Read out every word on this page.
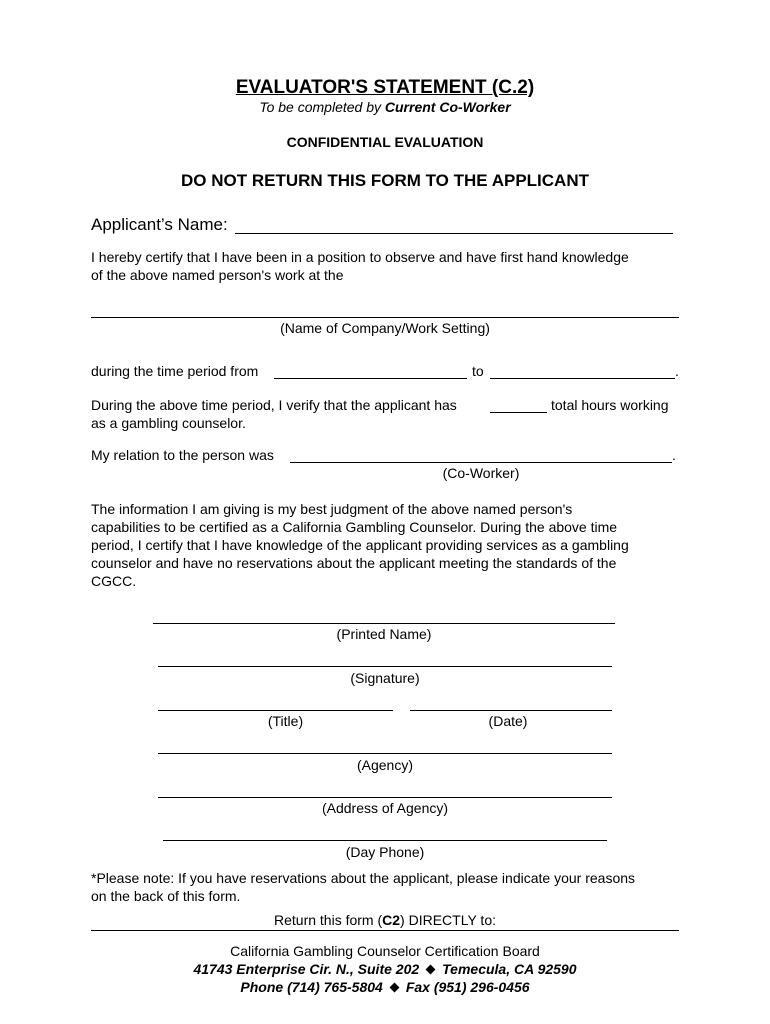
EVALUATOR'S STATEMENT (C.2)
To be completed by Current Co-Worker
CONFIDENTIAL EVALUATION
DO NOT RETURN THIS FORM TO THE APPLICANT
Applicant’s Name:
I hereby certify that I have been in a position to observe and have first hand knowledge
of the above named person's work at the
(Name of Company/Work Setting)
during the time period from	to	.
During the above time period, I verify that the applicant has	total hours working
as a gambling counselor.
My relation to the person was	.
(Co-Worker)
The information I am giving is my best judgment of the above named person's
capabilities to be certified as a California Gambling Counselor. During the above time
period, I certify that I have knowledge of the applicant providing services as a gambling
counselor and have no reservations about the applicant meeting the standards of the
CGCC.
(Printed Name)
(Signature)
(Title)	(Date)
(Agency)
(Address of Agency)
(Day Phone)
*Please note: If you have reservations about the applicant, please indicate your reasons
on the back of this form.
Return this form (C2) DIRECTLY to:
California Gambling Counselor Certification Board
41743 Enterprise Cir. N., Suite 202 Temecula, CA 92590
Phone (714) 765-5804 Fax (951) 296-0456
